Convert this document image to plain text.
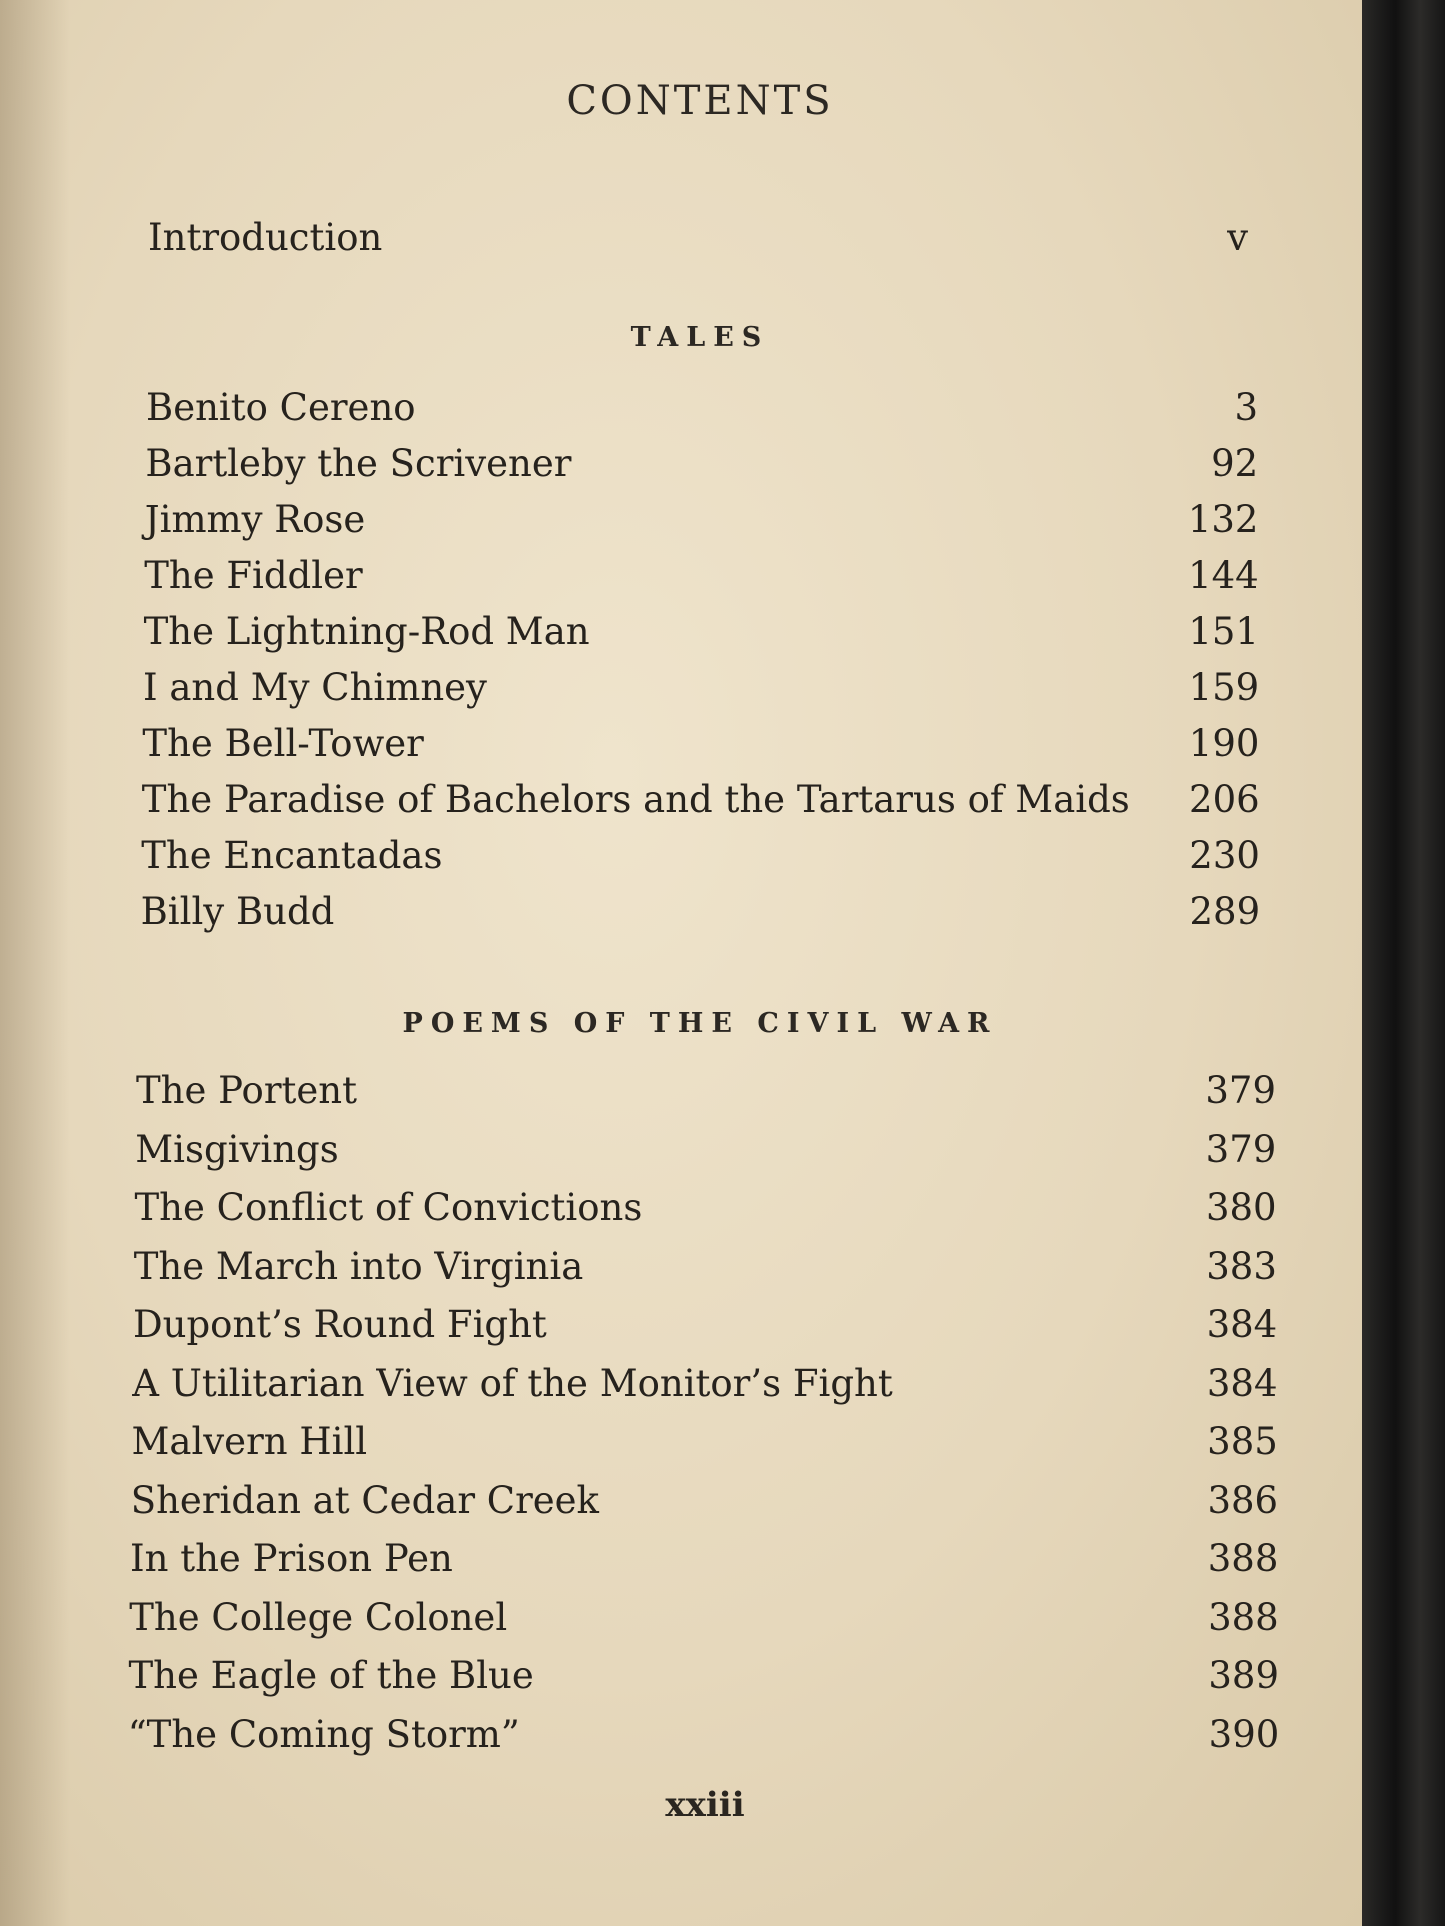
CONTENTS
Introduction	v
TALES
Benito Cereno	3
Bartleby the Scrivener	92
Jimmy Rose	132
The Fiddler	144
The Lightning-Rod Man	151
I and My Chimney	159
The Bell-Tower	190
The Paradise of Bachelors and the Tartarus of Maids 206
The Encantadas	230
Billy Budd	289
POEMS OF THE CIVIL WAR
The Portent	379
Misgivings	379
The Conflict of Convictions	380
The March into Virginia	383
Dupont’s Round Fight	384
A Utilitarian View of the Monitor’s Fight	384
Malvern Hill	385
Sheridan at Cedar Creek	386
In the Prison Pen	388
The College Colonel	388
The Eagle of the Blue	389
“The Coming Storm”	390
xxiii
